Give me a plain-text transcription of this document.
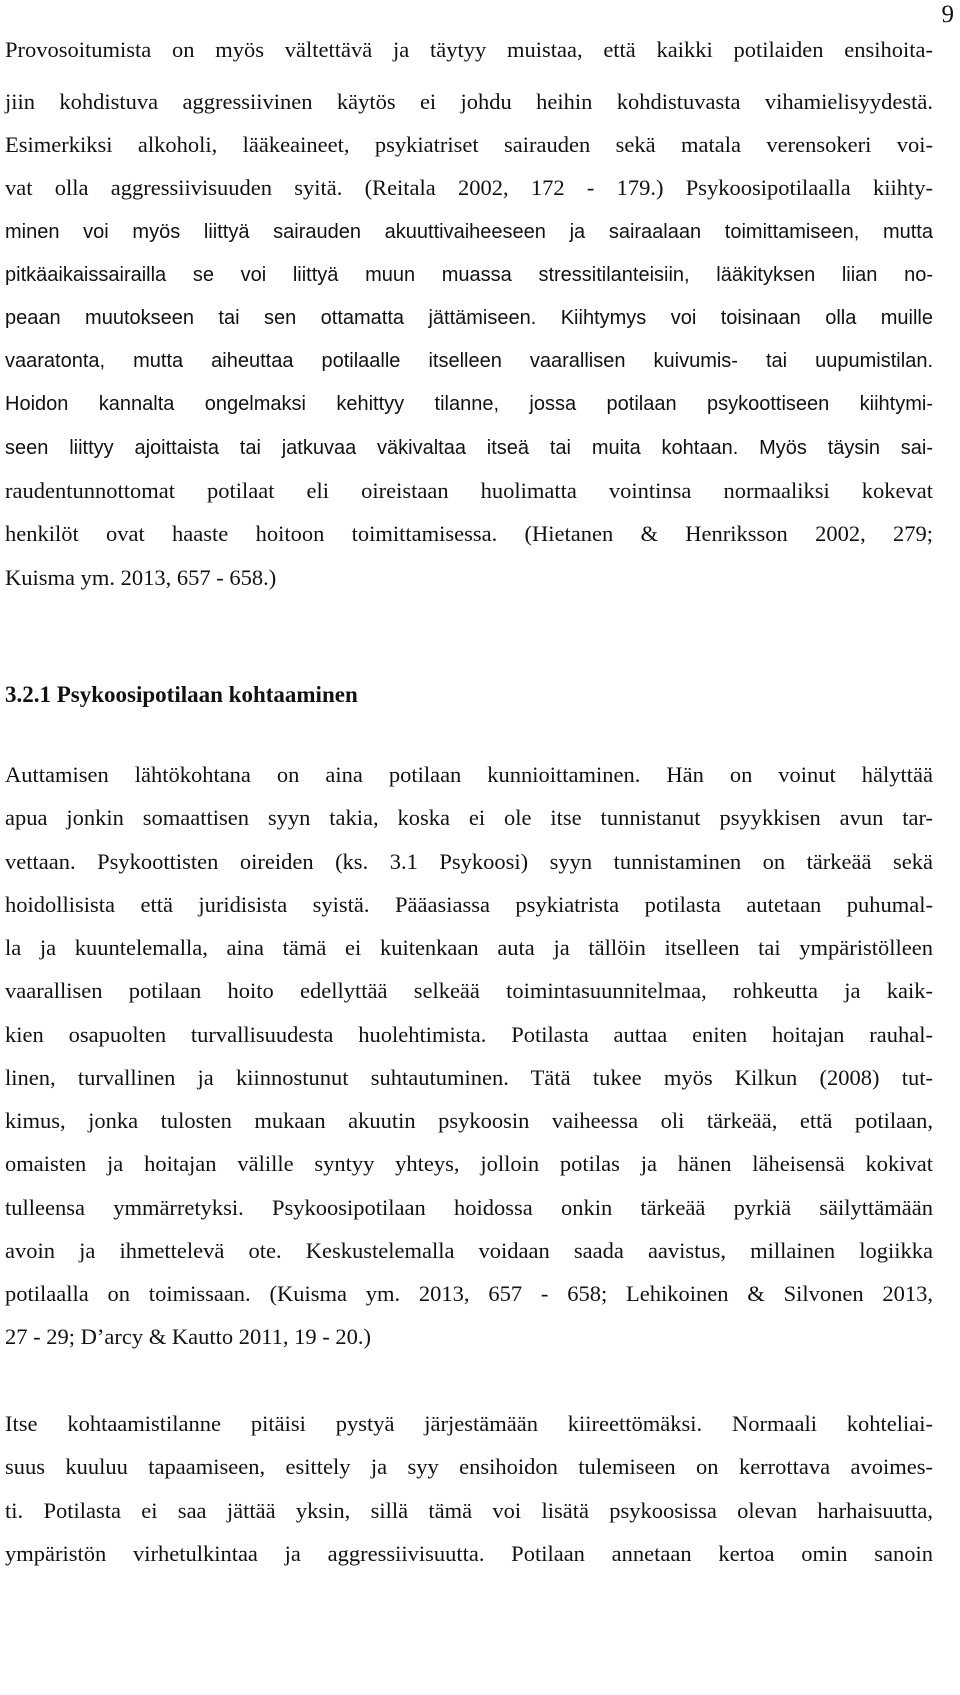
9
Provosoitumista on myös vältettävä ja täytyy muistaa, että kaikki potilaiden ensihoita-
jiin kohdistuva aggressiivinen käytös ei johdu heihin kohdistuvasta vihamielisyydestä.
Esimerkiksi alkoholi, lääkeaineet, psykiatriset sairauden sekä matala verensokeri voi-
vat olla aggressiivisuuden syitä. (Reitala 2002, 172 - 179.) Psykoosipotilaalla kiihty-
minen voi myös liittyä sairauden akuuttivaiheeseen ja sairaalaan toimittamiseen, mutta
pitkäaikaissairailla se voi liittyä muun muassa stressitilanteisiin, lääkityksen liian no-
peaan muutokseen tai sen ottamatta jättämiseen. Kiihtymys voi toisinaan olla muille
vaaratonta, mutta aiheuttaa potilaalle itselleen vaarallisen kuivumis- tai uupumistilan.
Hoidon kannalta ongelmaksi kehittyy tilanne, jossa potilaan psykoottiseen kiihtymi-
seen liittyy ajoittaista tai jatkuvaa väkivaltaa itseä tai muita kohtaan. Myös täysin sai-
raudentunnottomat potilaat eli oireistaan huolimatta vointinsa normaaliksi kokevat
henkilöt ovat haaste hoitoon toimittamisessa. (Hietanen & Henriksson 2002, 279;
Kuisma ym. 2013, 657 - 658.)
3.2.1 Psykoosipotilaan kohtaaminen
Auttamisen lähtökohtana on aina potilaan kunnioittaminen. Hän on voinut hälyttää
apua jonkin somaattisen syyn takia, koska ei ole itse tunnistanut psyykkisen avun tar-
vettaan. Psykoottisten oireiden (ks. 3.1 Psykoosi) syyn tunnistaminen on tärkeää sekä
hoidollisista että juridisista syistä. Pääasiassa psykiatrista potilasta autetaan puhumal-
la ja kuuntelemalla, aina tämä ei kuitenkaan auta ja tällöin itselleen tai ympäristölleen
vaarallisen potilaan hoito edellyttää selkeää toimintasuunnitelmaa, rohkeutta ja kaik-
kien osapuolten turvallisuudesta huolehtimista. Potilasta auttaa eniten hoitajan rauhal-
linen, turvallinen ja kiinnostunut suhtautuminen. Tätä tukee myös Kilkun (2008) tut-
kimus, jonka tulosten mukaan akuutin psykoosin vaiheessa oli tärkeää, että potilaan,
omaisten ja hoitajan välille syntyy yhteys, jolloin potilas ja hänen läheisensä kokivat
tulleensa ymmärretyksi. Psykoosipotilaan hoidossa onkin tärkeää pyrkiä säilyttämään
avoin ja ihmettelevä ote. Keskustelemalla voidaan saada aavistus, millainen logiikka
potilaalla on toimissaan. (Kuisma ym. 2013, 657 - 658; Lehikoinen & Silvonen 2013,
27 - 29; D’arcy & Kautto 2011, 19 - 20.)
Itse kohtaamistilanne pitäisi pystyä järjestämään kiireettömäksi. Normaali kohteliai-
suus kuuluu tapaamiseen, esittely ja syy ensihoidon tulemiseen on kerrottava avoimes-
ti. Potilasta ei saa jättää yksin, sillä tämä voi lisätä psykoosissa olevan harhaisuutta,
ympäristön virhetulkintaa ja aggressiivisuutta. Potilaan annetaan kertoa omin sanoin
